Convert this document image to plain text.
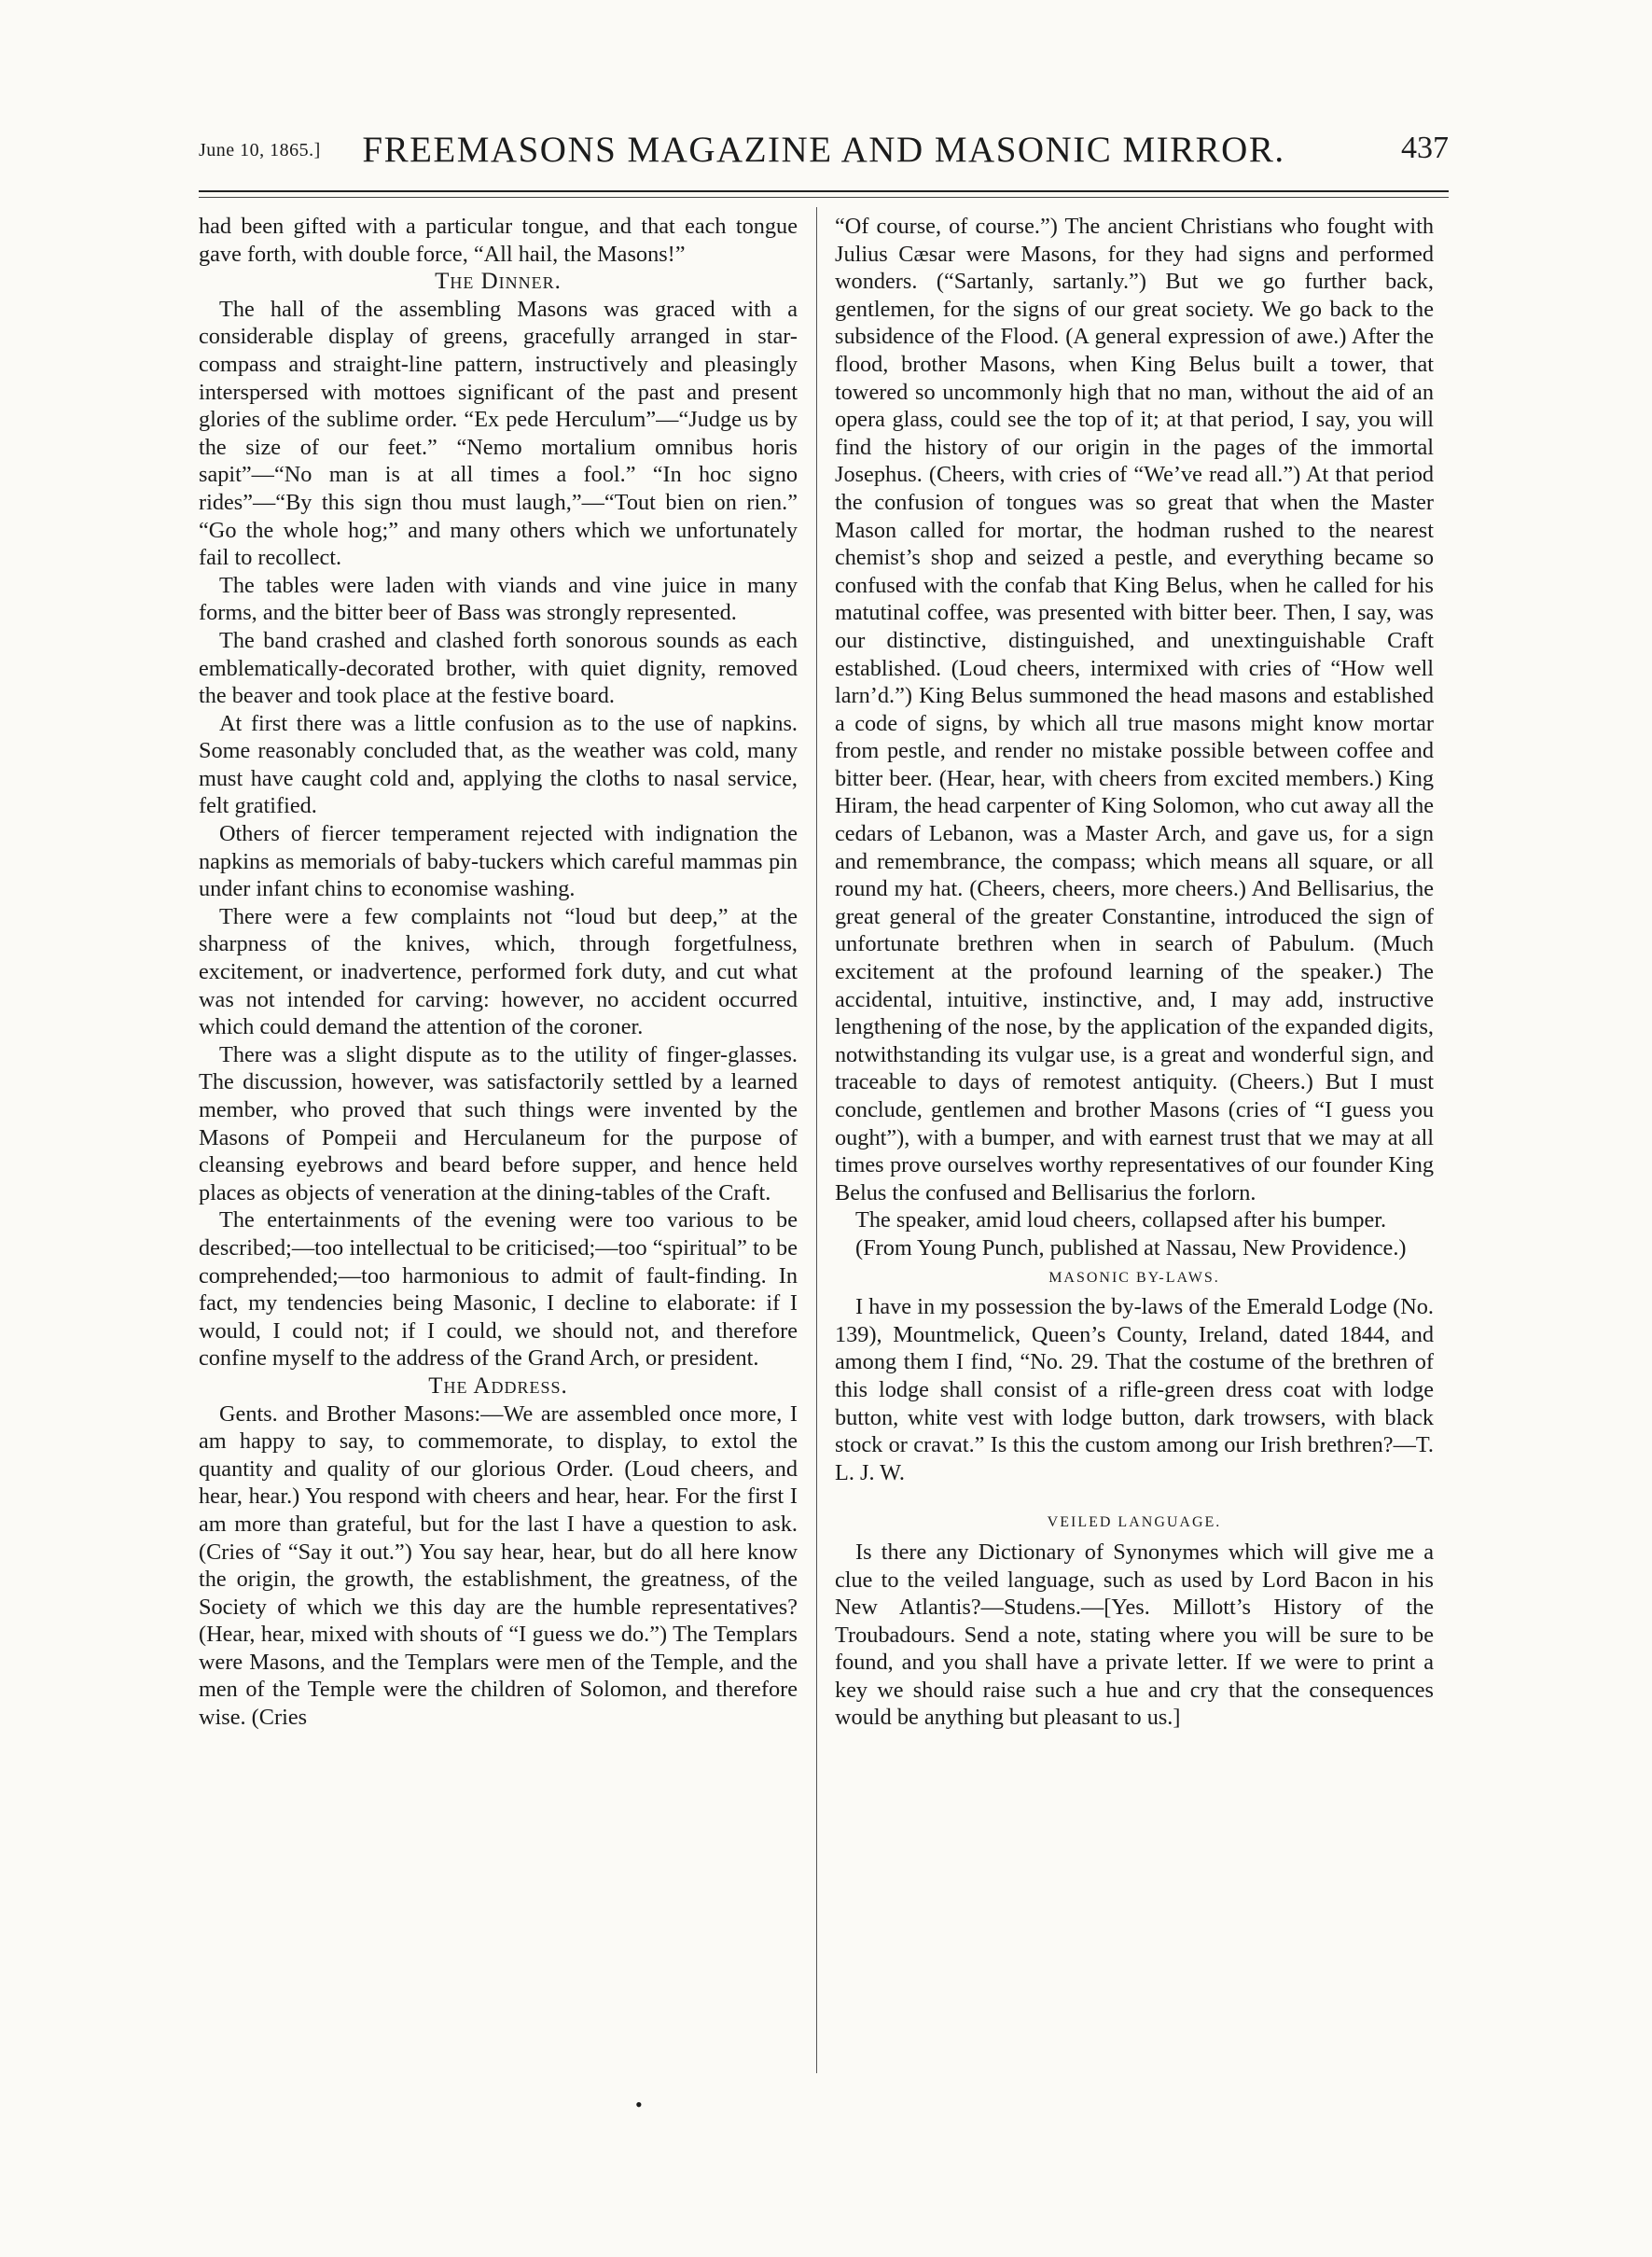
June 10, 1865.]	FREEMASONS MAGAZINE AND MASONIC MIRROR.	437

had been gifted with a particular tongue, and that each tongue gave forth, with double force, “All hail, the Masons!”

The Dinner.

The hall of the assembling Masons was graced with a considerable display of greens, gracefully arranged in star-compass and straight-line pattern, instructively and pleasingly interspersed with mottoes significant of the past and present glories of the sublime order. “Ex pede Herculum”—“Judge us by the size of our feet.” “Nemo mortalium omnibus horis sapit”—“No man is at all times a fool.” “In hoc signo rides”—“By this sign thou must laugh,”—“Tout bien on rien.” “Go the whole hog;” and many others which we unfortunately fail to recollect.

The tables were laden with viands and vine juice in many forms, and the bitter beer of Bass was strongly represented.

The band crashed and clashed forth sonorous sounds as each emblematically-decorated brother, with quiet dignity, removed the beaver and took place at the festive board.

At first there was a little confusion as to the use of napkins. Some reasonably concluded that, as the weather was cold, many must have caught cold and, applying the cloths to nasal service, felt gratified.

Others of fiercer temperament rejected with indignation the napkins as memorials of baby-tuckers which careful mammas pin under infant chins to economise washing.

There were a few complaints not “loud but deep,” at the sharpness of the knives, which, through forgetfulness, excitement, or inadvertence, performed fork duty, and cut what was not intended for carving: however, no accident occurred which could demand the attention of the coroner.

There was a slight dispute as to the utility of finger-glasses. The discussion, however, was satisfactorily settled by a learned member, who proved that such things were invented by the Masons of Pompeii and Herculaneum for the purpose of cleansing eyebrows and beard before supper, and hence held places as objects of veneration at the dining-tables of the Craft.

The entertainments of the evening were too various to be described;—too intellectual to be criticised;—too “spiritual” to be comprehended;—too harmonious to admit of fault-finding. In fact, my tendencies being Masonic, I decline to elaborate: if I would, I could not; if I could, we should not, and therefore confine myself to the address of the Grand Arch, or president.

The Address.

Gents. and Brother Masons:—We are assembled once more, I am happy to say, to commemorate, to display, to extol the quantity and quality of our glorious Order. (Loud cheers, and hear, hear.) You respond with cheers and hear, hear. For the first I am more than grateful, but for the last I have a question to ask. (Cries of “Say it out.”) You say hear, hear, but do all here know the origin, the growth, the establishment, the greatness, of the Society of which we this day are the humble representatives? (Hear, hear, mixed with shouts of “I guess we do.”) The Templars were Masons, and the Templars were men of the Temple, and the men of the Temple were the children of Solomon, and therefore wise. (Cries

“Of course, of course.”) The ancient Christians who fought with Julius Cæsar were Masons, for they had signs and performed wonders. (“Sartanly, sartanly.”) But we go further back, gentlemen, for the signs of our great society. We go back to the subsidence of the Flood. (A general expression of awe.) After the flood, brother Masons, when King Belus built a tower, that towered so uncommonly high that no man, without the aid of an opera glass, could see the top of it; at that period, I say, you will find the history of our origin in the pages of the immortal Josephus. (Cheers, with cries of “We’ve read all.”) At that period the confusion of tongues was so great that when the Master Mason called for mortar, the hodman rushed to the nearest chemist’s shop and seized a pestle, and everything became so confused with the confab that King Belus, when he called for his matutinal coffee, was presented with bitter beer. Then, I say, was our distinctive, distinguished, and unextinguishable Craft established. (Loud cheers, intermixed with cries of “How well larn’d.”) King Belus summoned the head masons and established a code of signs, by which all true masons might know mortar from pestle, and render no mistake possible between coffee and bitter beer. (Hear, hear, with cheers from excited members.) King Hiram, the head carpenter of King Solomon, who cut away all the cedars of Lebanon, was a Master Arch, and gave us, for a sign and remembrance, the compass; which means all square, or all round my hat. (Cheers, cheers, more cheers.) And Bellisarius, the great general of the greater Constantine, introduced the sign of unfortunate brethren when in search of Pabulum. (Much excitement at the profound learning of the speaker.) The accidental, intuitive, instinctive, and, I may add, instructive lengthening of the nose, by the application of the expanded digits, notwithstanding its vulgar use, is a great and wonderful sign, and traceable to days of remotest antiquity. (Cheers.) But I must conclude, gentlemen and brother Masons (cries of “I guess you ought”), with a bumper, and with earnest trust that we may at all times prove ourselves worthy representatives of our founder King Belus the confused and Bellisarius the forlorn.

The speaker, amid loud cheers, collapsed after his bumper.

(From Young Punch, published at Nassau, New Providence.)

MASONIC BY-LAWS.

I have in my possession the by-laws of the Emerald Lodge (No. 139), Mountmelick, Queen’s County, Ireland, dated 1844, and among them I find, “No. 29. That the costume of the brethren of this lodge shall consist of a rifle-green dress coat with lodge button, white vest with lodge button, dark trowsers, with black stock or cravat.” Is this the custom among our Irish brethren?—T. L. J. W.

VEILED LANGUAGE.

Is there any Dictionary of Synonymes which will give me a clue to the veiled language, such as used by Lord Bacon in his New Atlantis?—Studens.—[Yes. Millott’s History of the Troubadours. Send a note, stating where you will be sure to be found, and you shall have a private letter. If we were to print a key we should raise such a hue and cry that the consequences would be anything but pleasant to us.]

•
